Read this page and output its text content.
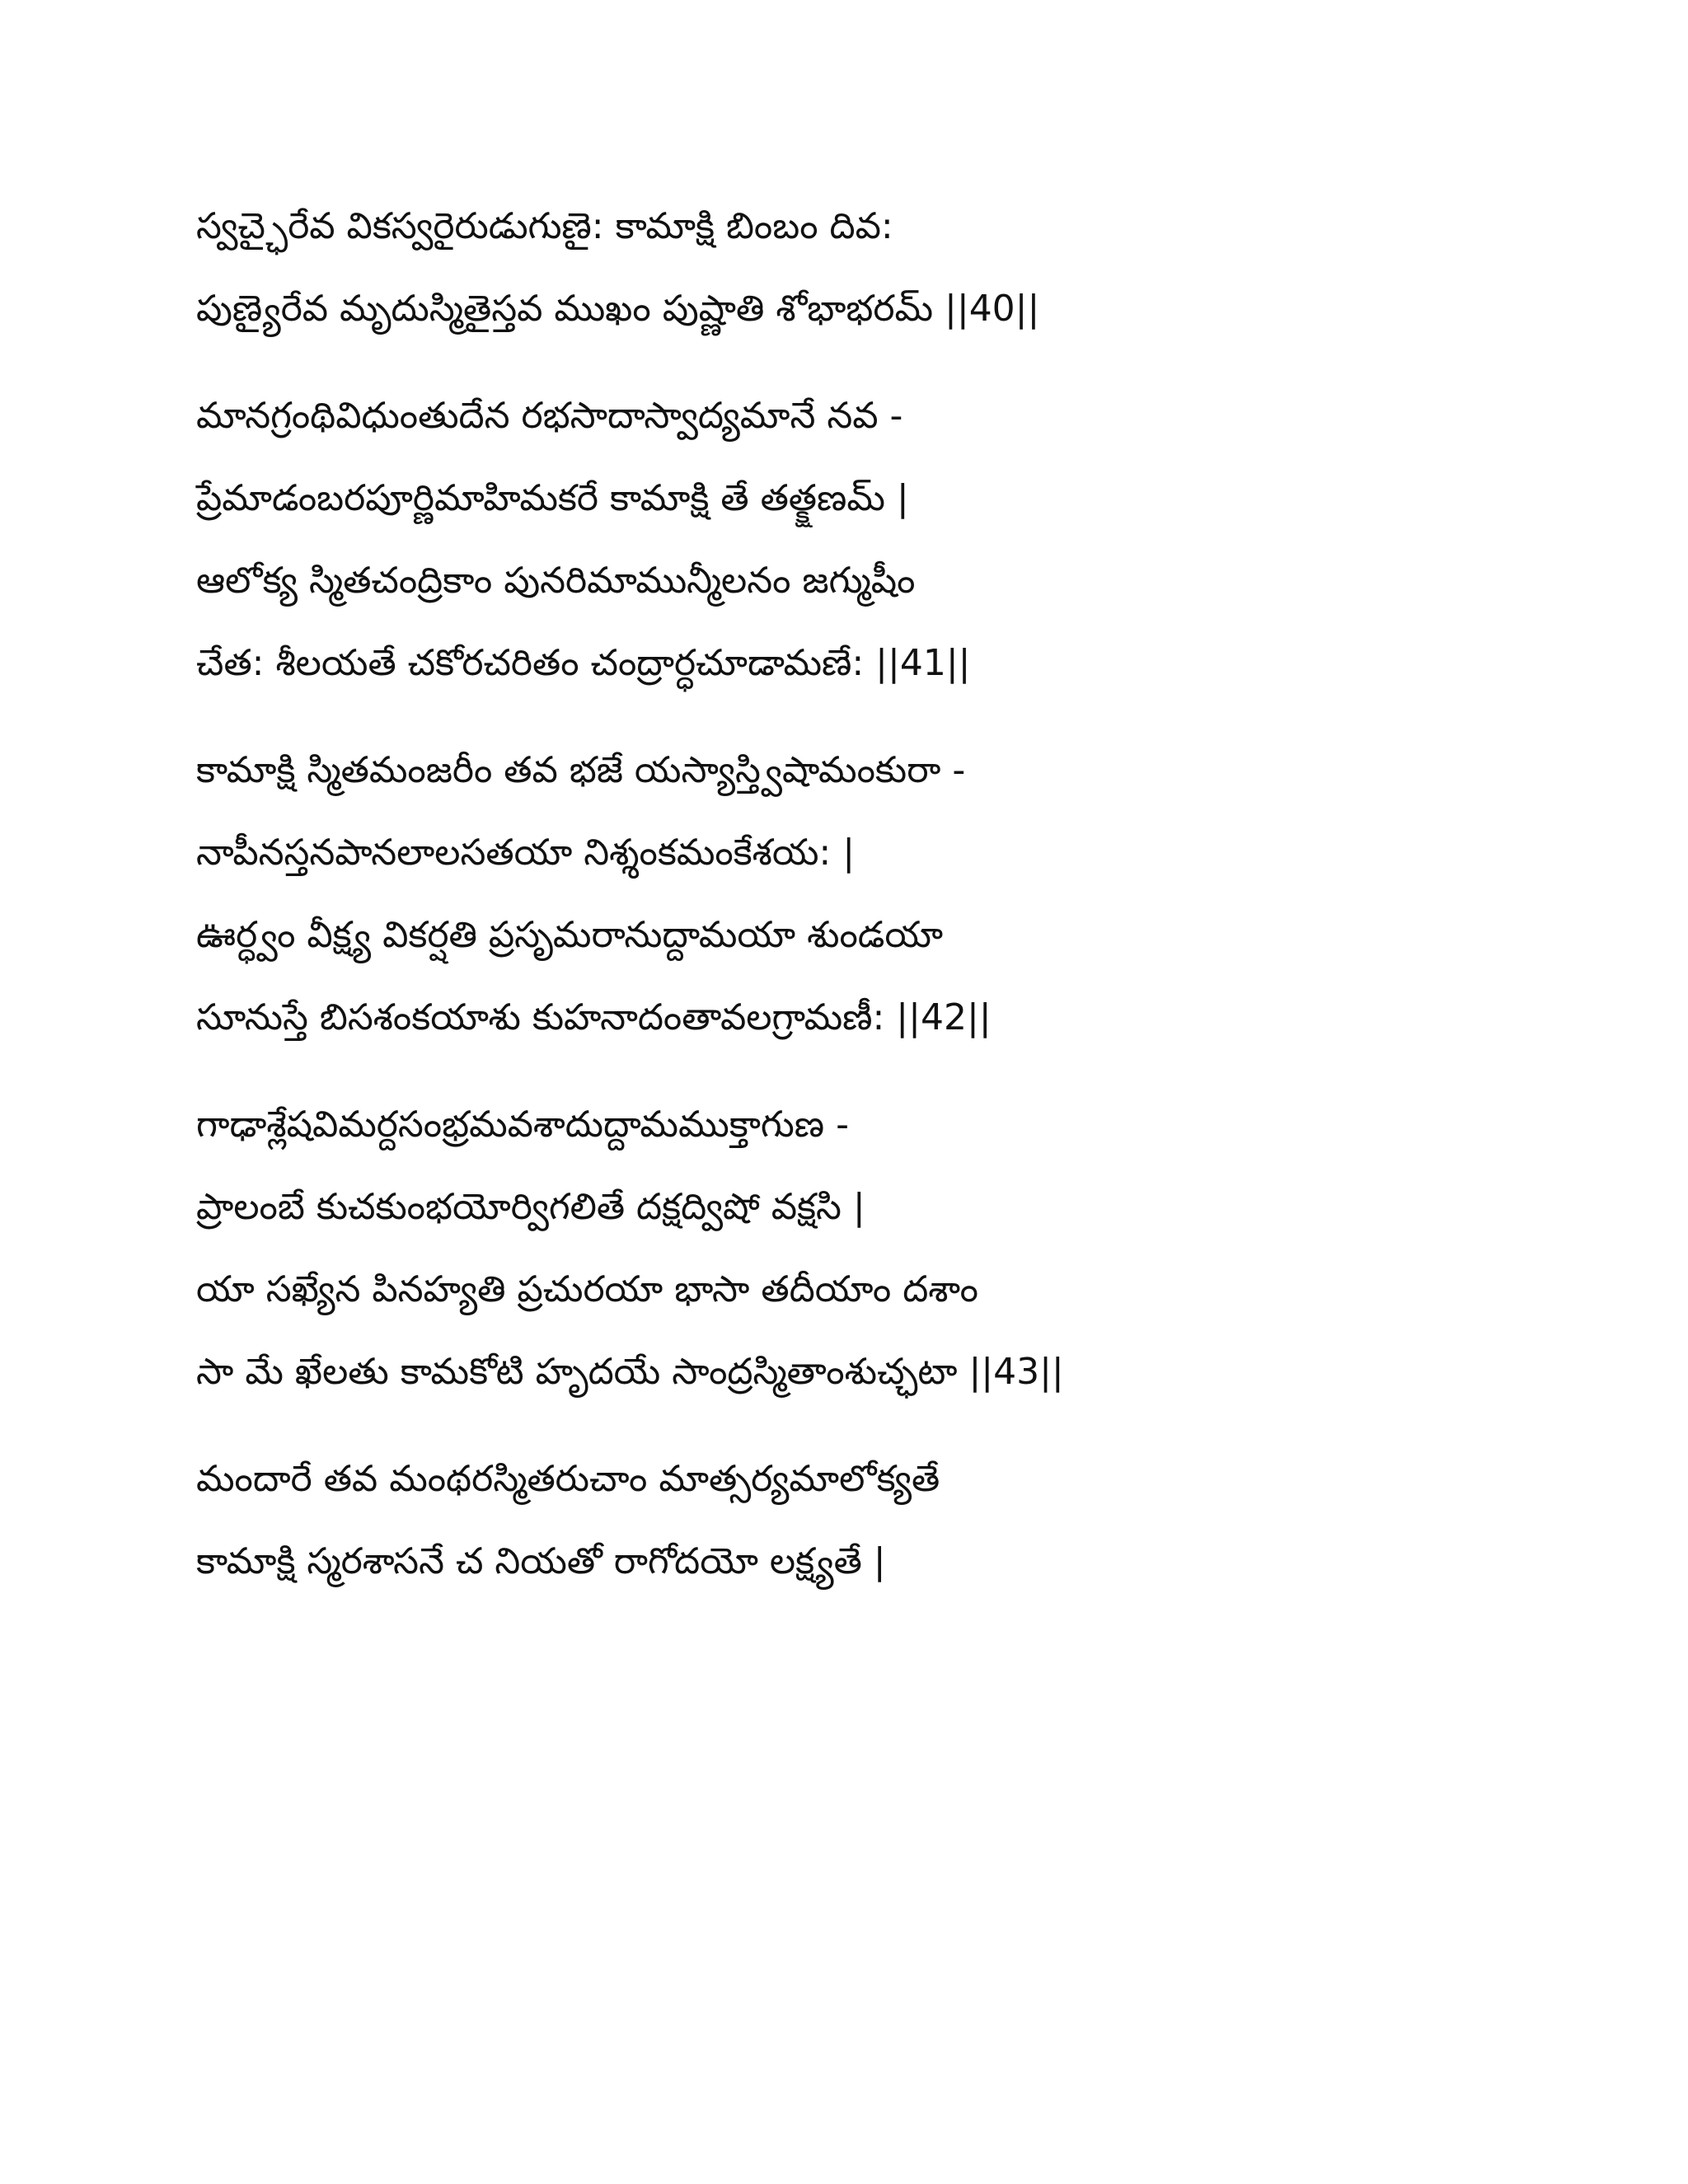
స్వచ్ఛైరేవ వికస్వరైరుడుగుణై: కామాక్షి బింబం దివ:
పుణ్యైరేవ మృదుస్మితైస్తవ ముఖం పుష్ణాతి శోభాభరమ్ ||40||
మానగ్రంథివిధుంతుదేన రభసాదాస్వాద్యమానే నవ -
ప్రేమాడంబరపూర్ణిమాహిమకరే కామాక్షి తే తత్క్షణమ్ |
ఆలోక్య స్మితచంద్రికాం పునరిమామున్మీలనం జగ్ముషీం
చేత: శీలయతే చకోరచరితం చంద్రార్ధచూడామణే: ||41||
కామాక్షి స్మితమంజరీం తవ భజే యస్యాస్త్విషామంకురా -
నాపీనస్తనపానలాలసతయా నిశ్శంకమంకేశయ: |
ఊర్ధ్వం వీక్ష్య వికర్షతి ప్రసృమరానుద్దామయా శుండయా
సూనుస్తే బిసశంకయాశు కుహనాదంతావలగ్రామణీ: ||42||
గాఢాశ్లేషవిమర్దసంభ్రమవశాదుద్దామముక్తాగుణ -
ప్రాలంబే కుచకుంభయోర్విగలితే దక్షద్విషో వక్షసి |
యా సఖ్యేన పినహ్యతి ప్రచురయా భాసా తదీయాం దశాం
సా మే ఖేలతు కామకోటి హృదయే సాంద్రస్మితాంశుచ్ఛటా ||43||
మందారే తవ మంథరస్మితరుచాం మాత్సర్యమాలోక్యతే
కామాక్షి స్మరశాసనే చ నియతో రాగోదయో లక్ష్యతే |
